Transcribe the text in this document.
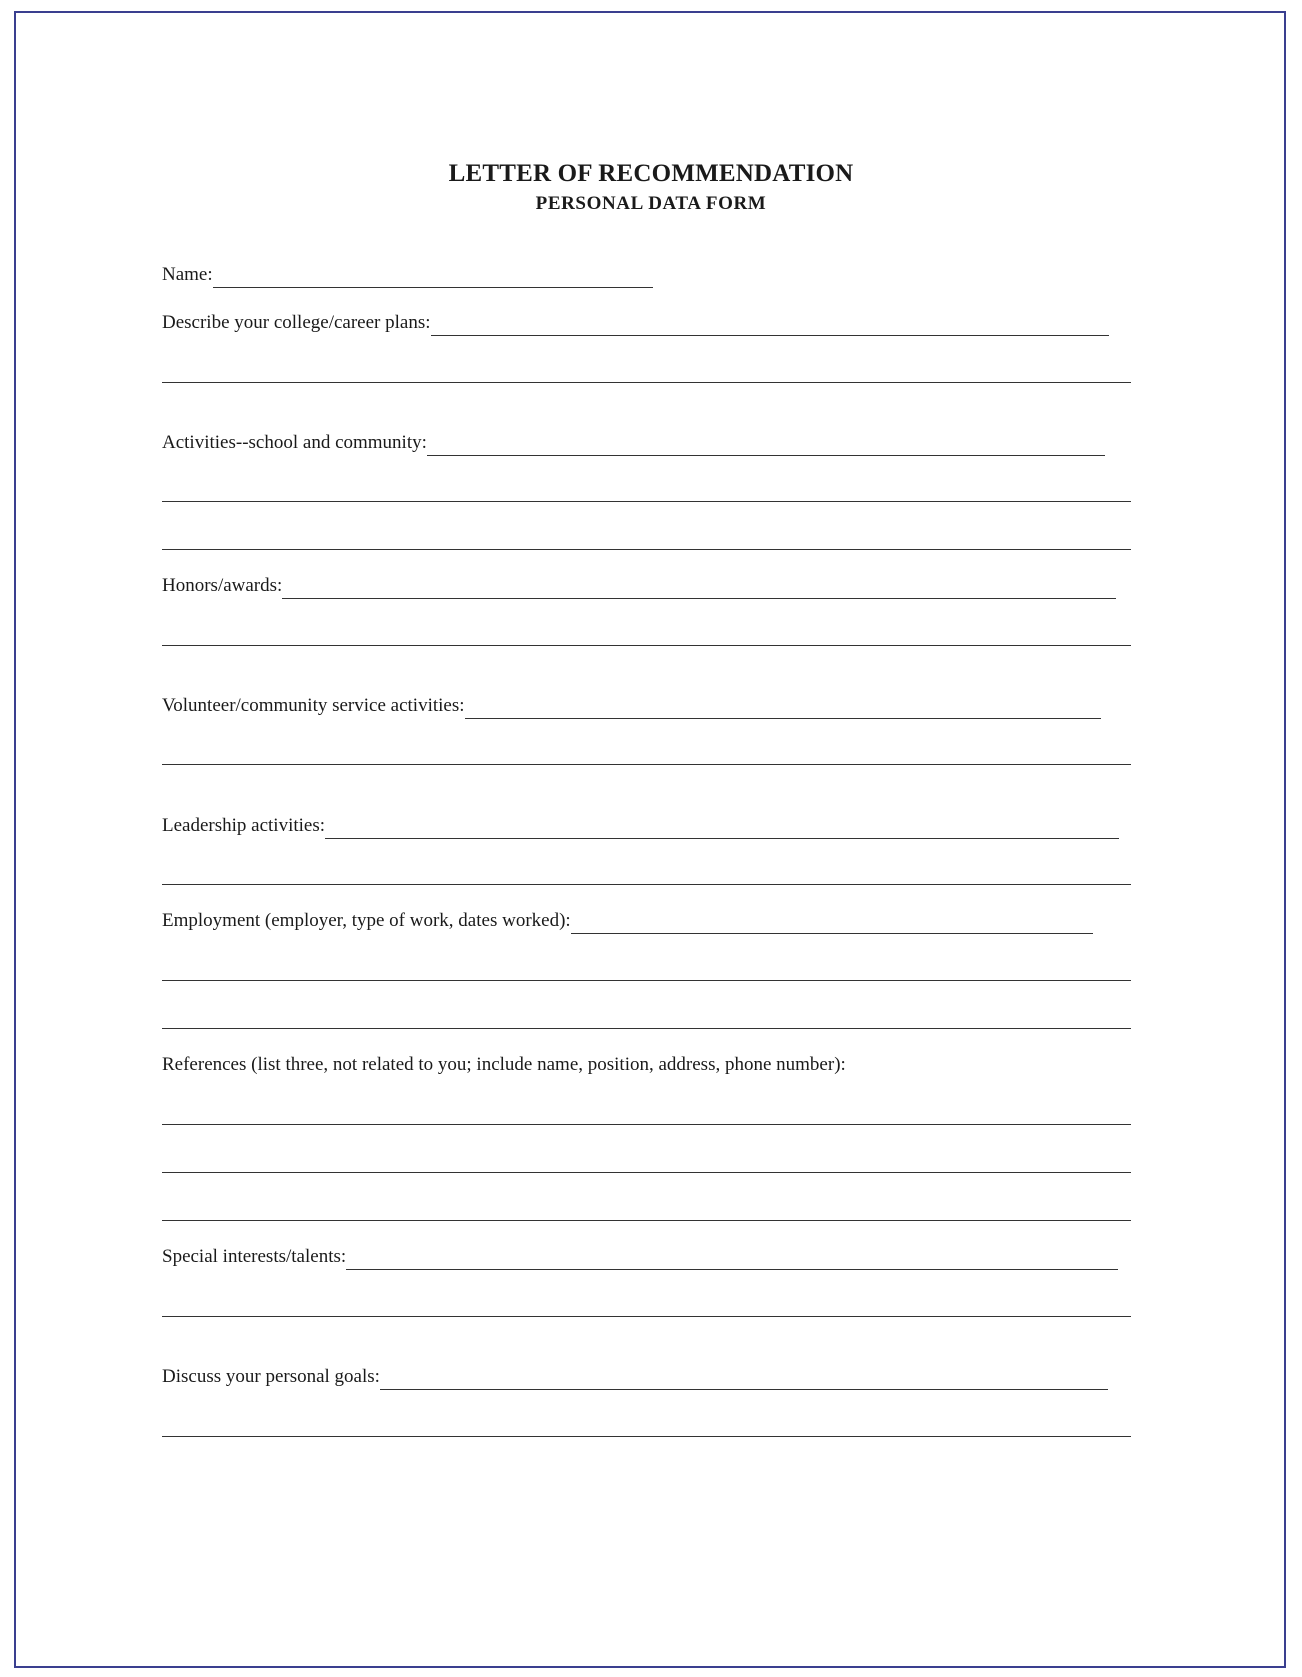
LETTER OF RECOMMENDATION
PERSONAL DATA FORM
Name:
Describe your college/career plans:
Activities--school and community:
Honors/awards:
Volunteer/community service activities:
Leadership activities:
Employment (employer, type of work, dates worked):
References (list three, not related to you; include name, position, address, phone number):
Special interests/talents:
Discuss your personal goals:
